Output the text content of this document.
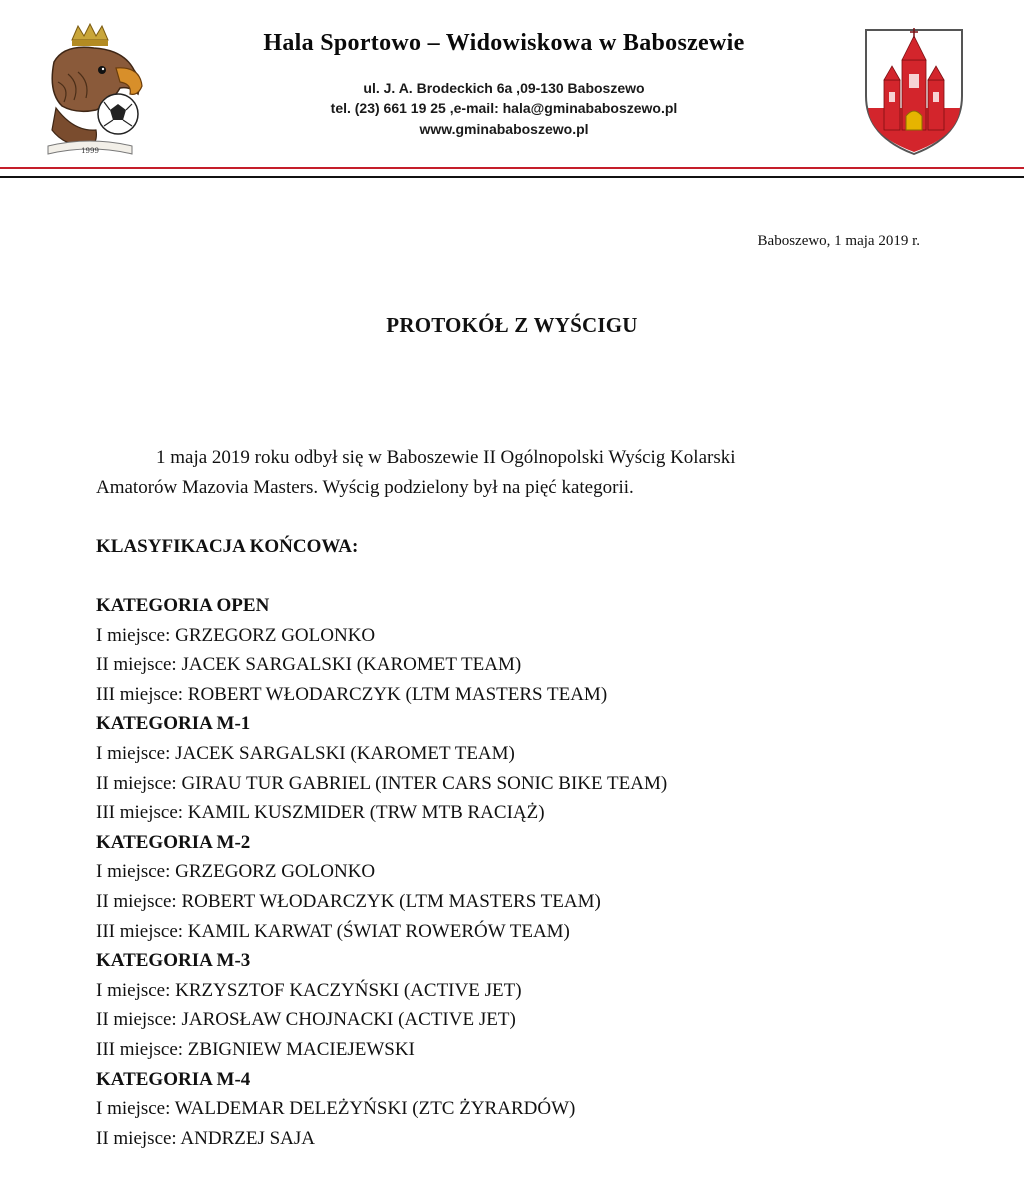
1999
Hala Sportowo – Widowiskowa w Baboszewie
ul. J. A. Brodeckich 6a ,09-130 Baboszewo
tel. (23) 661 19 25 ,e-mail: hala@gminababoszewo.pl
www.gminababoszewo.pl
Baboszewo, 1 maja 2019 r.
PROTOKÓŁ Z WYŚCIGU
1 maja 2019 roku odbył się w Baboszewie II Ogólnopolski Wyścig Kolarski
Amatorów Mazovia Masters. Wyścig podzielony był na pięć kategorii.
KLASYFIKACJA KOŃCOWA:
KATEGORIA OPEN
I miejsce: GRZEGORZ GOLONKO
II miejsce: JACEK SARGALSKI (KAROMET TEAM)
III miejsce: ROBERT WŁODARCZYK (LTM MASTERS TEAM)
KATEGORIA M-1
I miejsce: JACEK SARGALSKI (KAROMET TEAM)
II miejsce: GIRAU TUR GABRIEL (INTER CARS SONIC BIKE TEAM)
III miejsce: KAMIL KUSZMIDER (TRW MTB RACIĄŻ)
KATEGORIA M-2
I miejsce: GRZEGORZ GOLONKO
II miejsce: ROBERT WŁODARCZYK (LTM MASTERS TEAM)
III miejsce: KAMIL KARWAT (ŚWIAT ROWERÓW TEAM)
KATEGORIA M-3
I miejsce: KRZYSZTOF KACZYŃSKI (ACTIVE JET)
II miejsce: JAROSŁAW CHOJNACKI (ACTIVE JET)
III miejsce: ZBIGNIEW MACIEJEWSKI
KATEGORIA M-4
I miejsce: WALDEMAR DELEŻYŃSKI (ZTC ŻYRARDÓW)
II miejsce: ANDRZEJ SAJA
